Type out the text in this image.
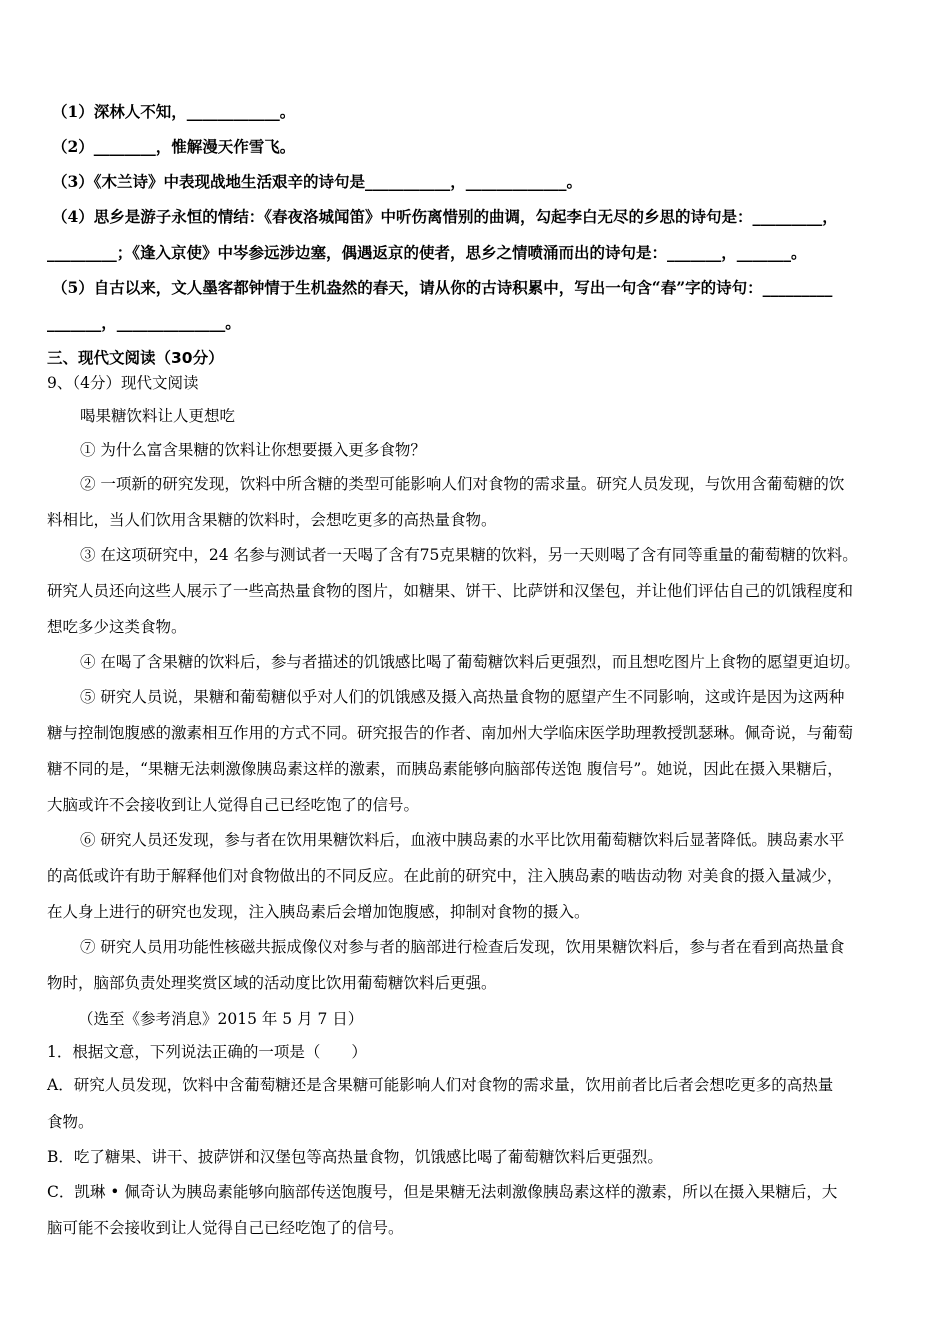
（1）深林人不知，____________。
（2）________，惟解漫天作雪飞。
（3）《木兰诗》中表现战地生活艰辛的诗句是___________，_____________。
（4）思乡是游子永恒的情结：《春夜洛城闻笛》中听伤离惜别的曲调，勾起李白无尽的乡思的诗句是：_________，
_________；《逢入京使》中岑参远涉边塞，偶遇返京的使者，思乡之情喷涌而出的诗句是：_______，_______。
（5）自古以来，文人墨客都钟情于生机盎然的春天，请从你的古诗积累中，写出一句含“春”字的诗句：_________
_______，______________。
三、现代文阅读（30分）
9、（4分）现代文阅读
喝果糖饮料让人更想吃
① 为什么富含果糖的饮料让你想要摄入更多食物？
② 一项新的研究发现，饮料中所含糖的类型可能影响人们对食物的需求量。研究人员发现，与饮用含葡萄糖的饮
料相比，当人们饮用含果糖的饮料时，会想吃更多的高热量食物。
③ 在这项研究中，24 名参与测试者一天喝了含有75克果糖的饮料，另一天则喝了含有同等重量的葡萄糖的饮料。
研究人员还向这些人展示了一些高热量食物的图片，如糖果、饼干、比萨饼和汉堡包，并让他们评估自己的饥饿程度和
想吃多少这类食物。
④ 在喝了含果糖的饮料后，参与者描述的饥饿感比喝了葡萄糖饮料后更强烈，而且想吃图片上食物的愿望更迫切。
⑤ 研究人员说，果糖和葡萄糖似乎对人们的饥饿感及摄入高热量食物的愿望产生不同影响，这或许是因为这两种
糖与控制饱腹感的激素相互作用的方式不同。研究报告的作者、南加州大学临床医学助理教授凯瑟琳。佩奇说，与葡萄
糖不同的是，“果糖无法刺激像胰岛素这样的激素，而胰岛素能够向脑部传送饱 腹信号”。她说，因此在摄入果糖后，
大脑或许不会接收到让人觉得自己已经吃饱了的信号。
⑥ 研究人员还发现，参与者在饮用果糖饮料后，血液中胰岛素的水平比饮用葡萄糖饮料后显著降低。胰岛素水平
的高低或许有助于解释他们对食物做出的不同反应。在此前的研究中，注入胰岛素的啮齿动物 对美食的摄入量减少，
在人身上进行的研究也发现，注入胰岛素后会增加饱腹感，抑制对食物的摄入。
⑦ 研究人员用功能性核磁共振成像仪对参与者的脑部进行检查后发现，饮用果糖饮料后，参与者在看到高热量食
物时，脑部负责处理奖赏区域的活动度比饮用葡萄糖饮料后更强。
（选至《参考消息》2015 年 5 月 7 日）
1．根据文意，下列说法正确的一项是（　　）
A．研究人员发现，饮料中含葡萄糖还是含果糖可能影响人们对食物的需求量，饮用前者比后者会想吃更多的高热量
食物。
B．吃了糖果、讲干、披萨饼和汉堡包等高热量食物，饥饿感比喝了葡萄糖饮料后更强烈。
C．凯琳 • 佩奇认为胰岛素能够向脑部传送饱腹号，但是果糖无法刺激像胰岛素这样的激素，所以在摄入果糖后，大
脑可能不会接收到让人觉得自己已经吃饱了的信号。
